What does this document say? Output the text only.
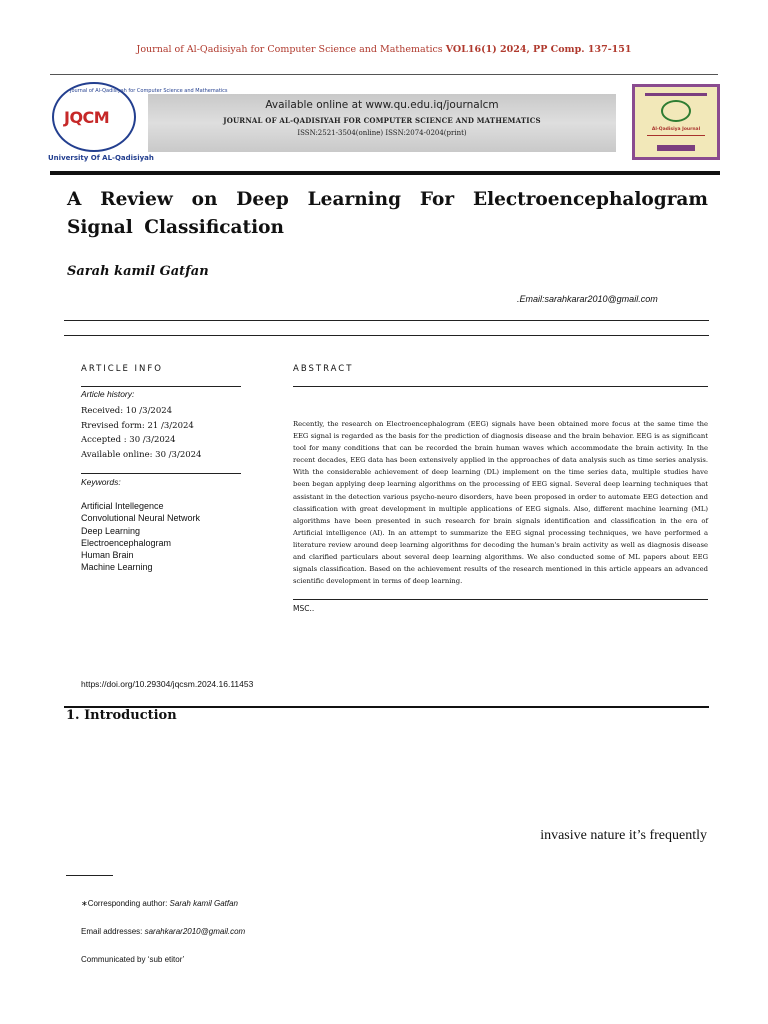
Journal of Al-Qadisiyah for Computer Science and Mathematics VOL16(1) 2024, PP Comp. 137-151
Journal of Al-Qadisiyah for Computer Science and Mathematics
JQCM
University Of AL-Qadisiyah
Available online at www.qu.edu.iq/journalcm
JOURNAL OF AL-QADISIYAH FOR COMPUTER SCIENCE AND MATHEMATICS
ISSN:2521-3504(online) ISSN:2074-0204(print)	Al-Qadisiya Journal
A Review on Deep Learning For Electroencephalogram Signal Classification
Sarah kamil Gatfan
.Email:sarahkarar2010@gmail.com
ARTICLE INFO
Article history:
Received: 10 /3/2024
Rrevised form: 21 /3/2024
Accepted : 30 /3/2024
Available online: 30 /3/2024
Keywords:
Artificial Intellegence
Convolutional Neural Network
Deep Learning
Electroencephalogram
Human Brain
Machine Learning
ABSTRACT
Recently, the research on Electroencephalogram (EEG) signals have been obtained more focus at the same time the EEG signal is regarded as the basis for the prediction of diagnosis disease and the brain behavior. EEG is as significant tool for many conditions that can be recorded the brain human waves which accommodate the brain activity. In the recent decades, EEG data has been extensively applied in the approaches of data analysis such as time series analysis. With the considerable achievement of deep learning (DL) implement on the time series data, multiple studies have been began applying deep learning algorithms on the processing of EEG signal. Several deep learning techniques that assistant in the detection various psycho-neuro disorders, have been proposed in order to automate EEG detection and classification with great development in multiple applications of EEG signals. Also, different machine learning (ML) algorithms have been presented in such research for brain signals identification and classification in the era of Artificial intelligence (AI). In an attempt to summarize the EEG signal processing techniques, we have performed a literature review around deep learning algorithms for decoding the human's brain activity as well as diagnosis disease and clarified particulars about several deep learning algorithms. We also conducted some of ML papers about EEG signals classification. Based on the achievement results of the research mentioned in this article appears an advanced scientific development in terms of deep learning.
MSC..
https://doi.org/10.29304/jqcsm.2024.16.11453
1. Introduction
invasive nature it’s frequently
∗Corresponding author: Sarah kamil Gatfan
Email addresses: sarahkarar2010@gmail.com
Communicated by ‘sub etitor’
